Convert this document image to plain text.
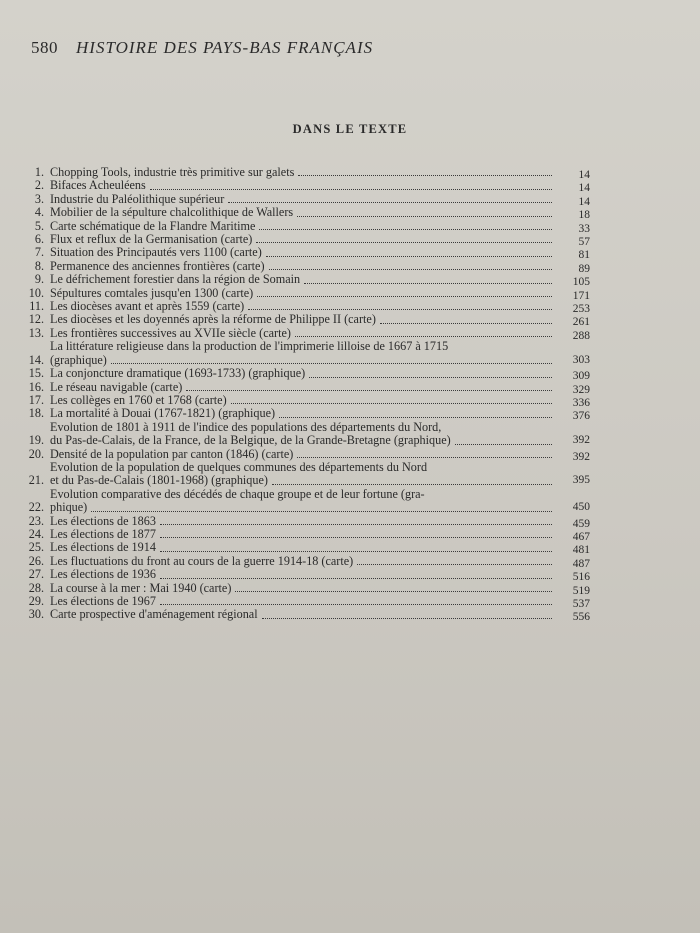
580 HISTOIRE DES PAYS-BAS FRANÇAIS
DANS LE TEXTE
1. Chopping Tools, industrie très primitive sur galets	14
2. Bifaces Acheuléens	14
3. Industrie du Paléolithique supérieur	14
4. Mobilier de la sépulture chalcolithique de Wallers	18
5. Carte schématique de la Flandre Maritime	33
6. Flux et reflux de la Germanisation (carte)	57
7. Situation des Principautés vers 1100 (carte)	81
8. Permanence des anciennes frontières (carte)	89
9. Le défrichement forestier dans la région de Somain	105
10. Sépultures comtales jusqu'en 1300 (carte)	171
11. Les diocèses avant et après 1559 (carte)	253
12. Les diocèses et les doyennés après la réforme de Philippe II (carte)	261
13. Les frontières successives au XVIIe siècle (carte)	288
14.
La littérature religieuse dans la production de l'imprimerie lilloise de 1667 à 1715
(graphique)	303
15. La conjoncture dramatique (1693-1733) (graphique)	309
16. Le réseau navigable (carte)	329
17. Les collèges en 1760 et 1768 (carte)	336
18. La mortalité à Douai (1767-1821) (graphique)	376
19.
Evolution de 1801 à 1911 de l'indice des populations des départements du Nord,
du Pas-de-Calais, de la France, de la Belgique, de la Grande-Bretagne (graphique)	392
20. Densité de la population par canton (1846) (carte)	392
21.
Evolution de la population de quelques communes des départements du Nord
et du Pas-de-Calais (1801-1968) (graphique)	395
22.
Evolution comparative des décédés de chaque groupe et de leur fortune (gra-
phique)	450
23. Les élections de 1863	459
24. Les élections de 1877	467
25. Les élections de 1914	481
26. Les fluctuations du front au cours de la guerre 1914-18 (carte)	487
27. Les élections de 1936	516
28. La course à la mer : Mai 1940 (carte)	519
29. Les élections de 1967	537
30. Carte prospective d'aménagement régional	556
